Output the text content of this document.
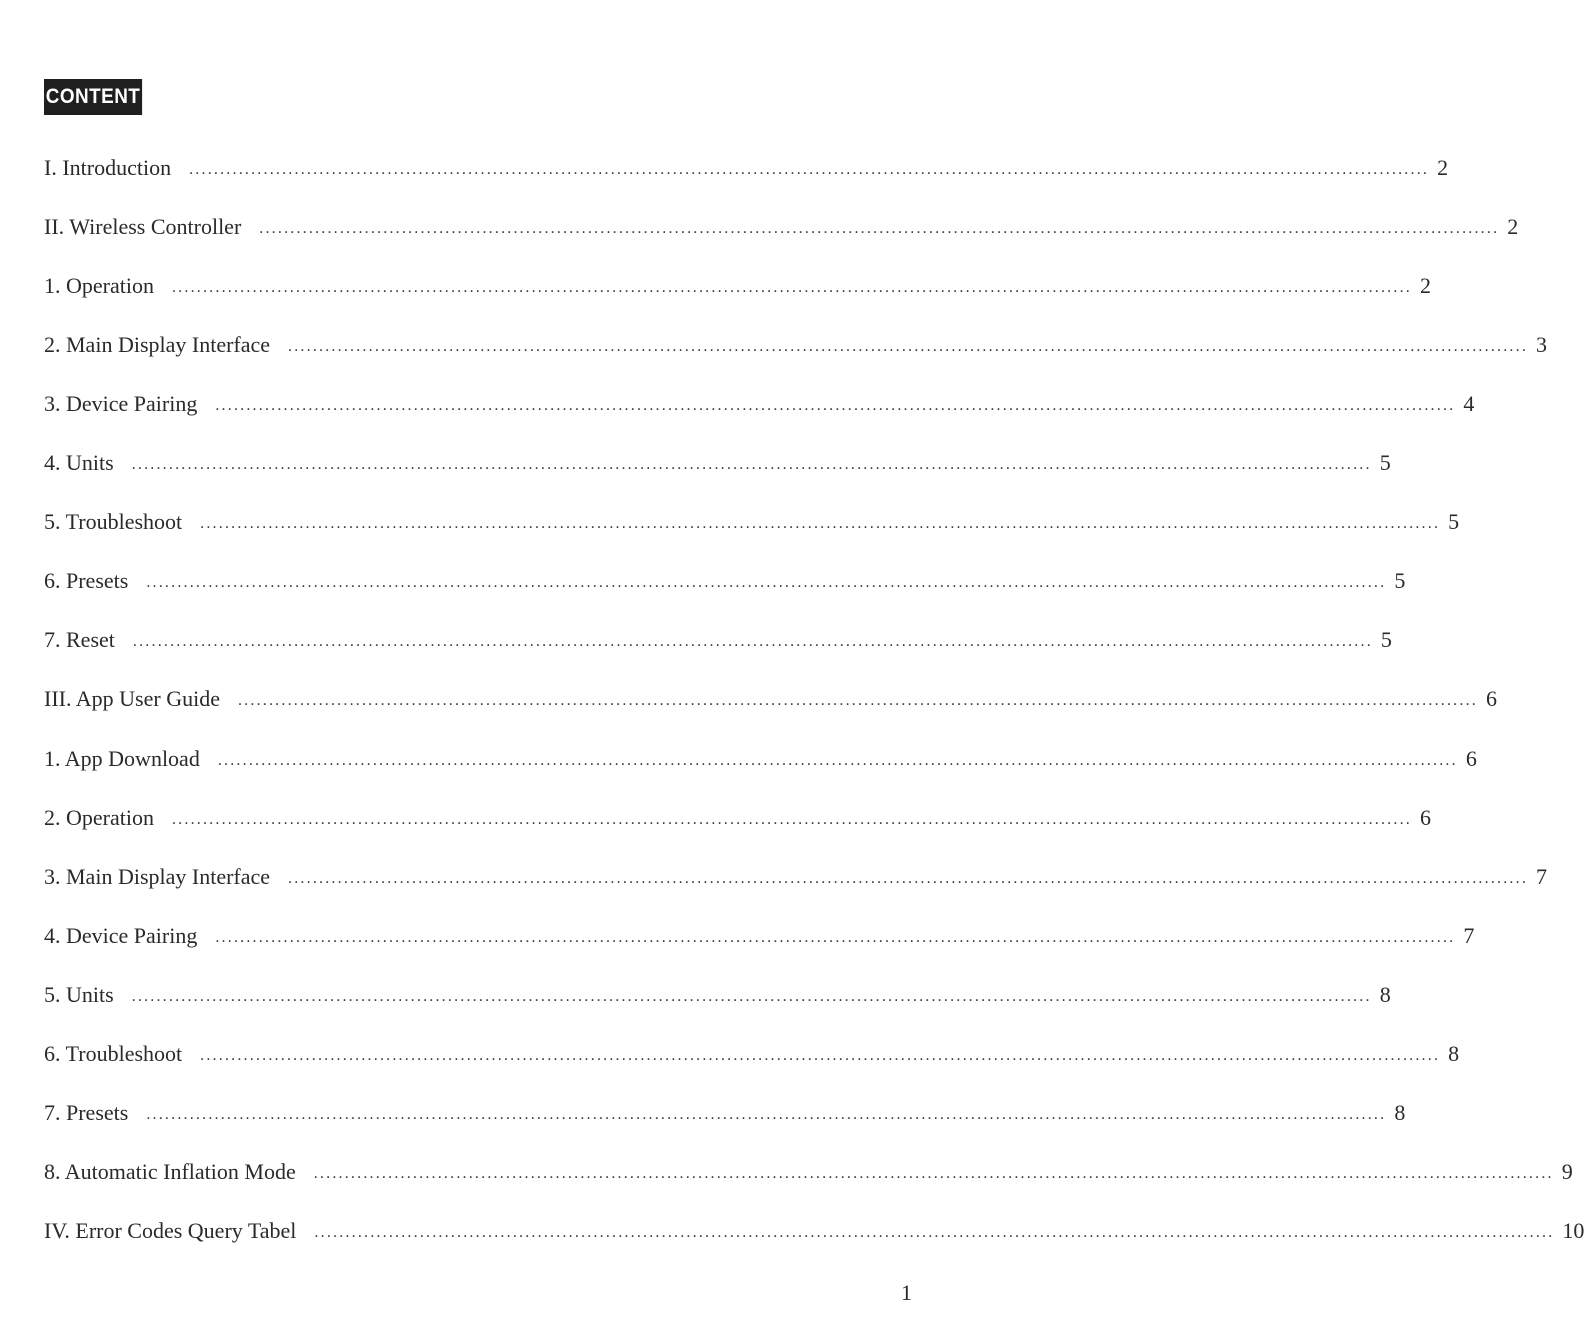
CONTENT
I. Introduction ........................................................................................................................................................................................................ 2
II. Wireless Controller ........................................................................................................................................................................................................ 2
1. Operation ........................................................................................................................................................................................................ 2
2. Main Display Interface ........................................................................................................................................................................................................ 3
3. Device Pairing ........................................................................................................................................................................................................ 4
4. Units ........................................................................................................................................................................................................ 5
5. Troubleshoot ........................................................................................................................................................................................................ 5
6. Presets ........................................................................................................................................................................................................ 5
7. Reset ........................................................................................................................................................................................................ 5
III. App User Guide ........................................................................................................................................................................................................ 6
1. App Download ........................................................................................................................................................................................................ 6
2. Operation ........................................................................................................................................................................................................ 6
3. Main Display Interface ........................................................................................................................................................................................................ 7
4. Device Pairing ........................................................................................................................................................................................................ 7
5. Units ........................................................................................................................................................................................................ 8
6. Troubleshoot ........................................................................................................................................................................................................ 8
7. Presets ........................................................................................................................................................................................................ 8
8. Automatic Inflation Mode ........................................................................................................................................................................................................ 9
IV. Error Codes Query Tabel ........................................................................................................................................................................................................ 10
1
